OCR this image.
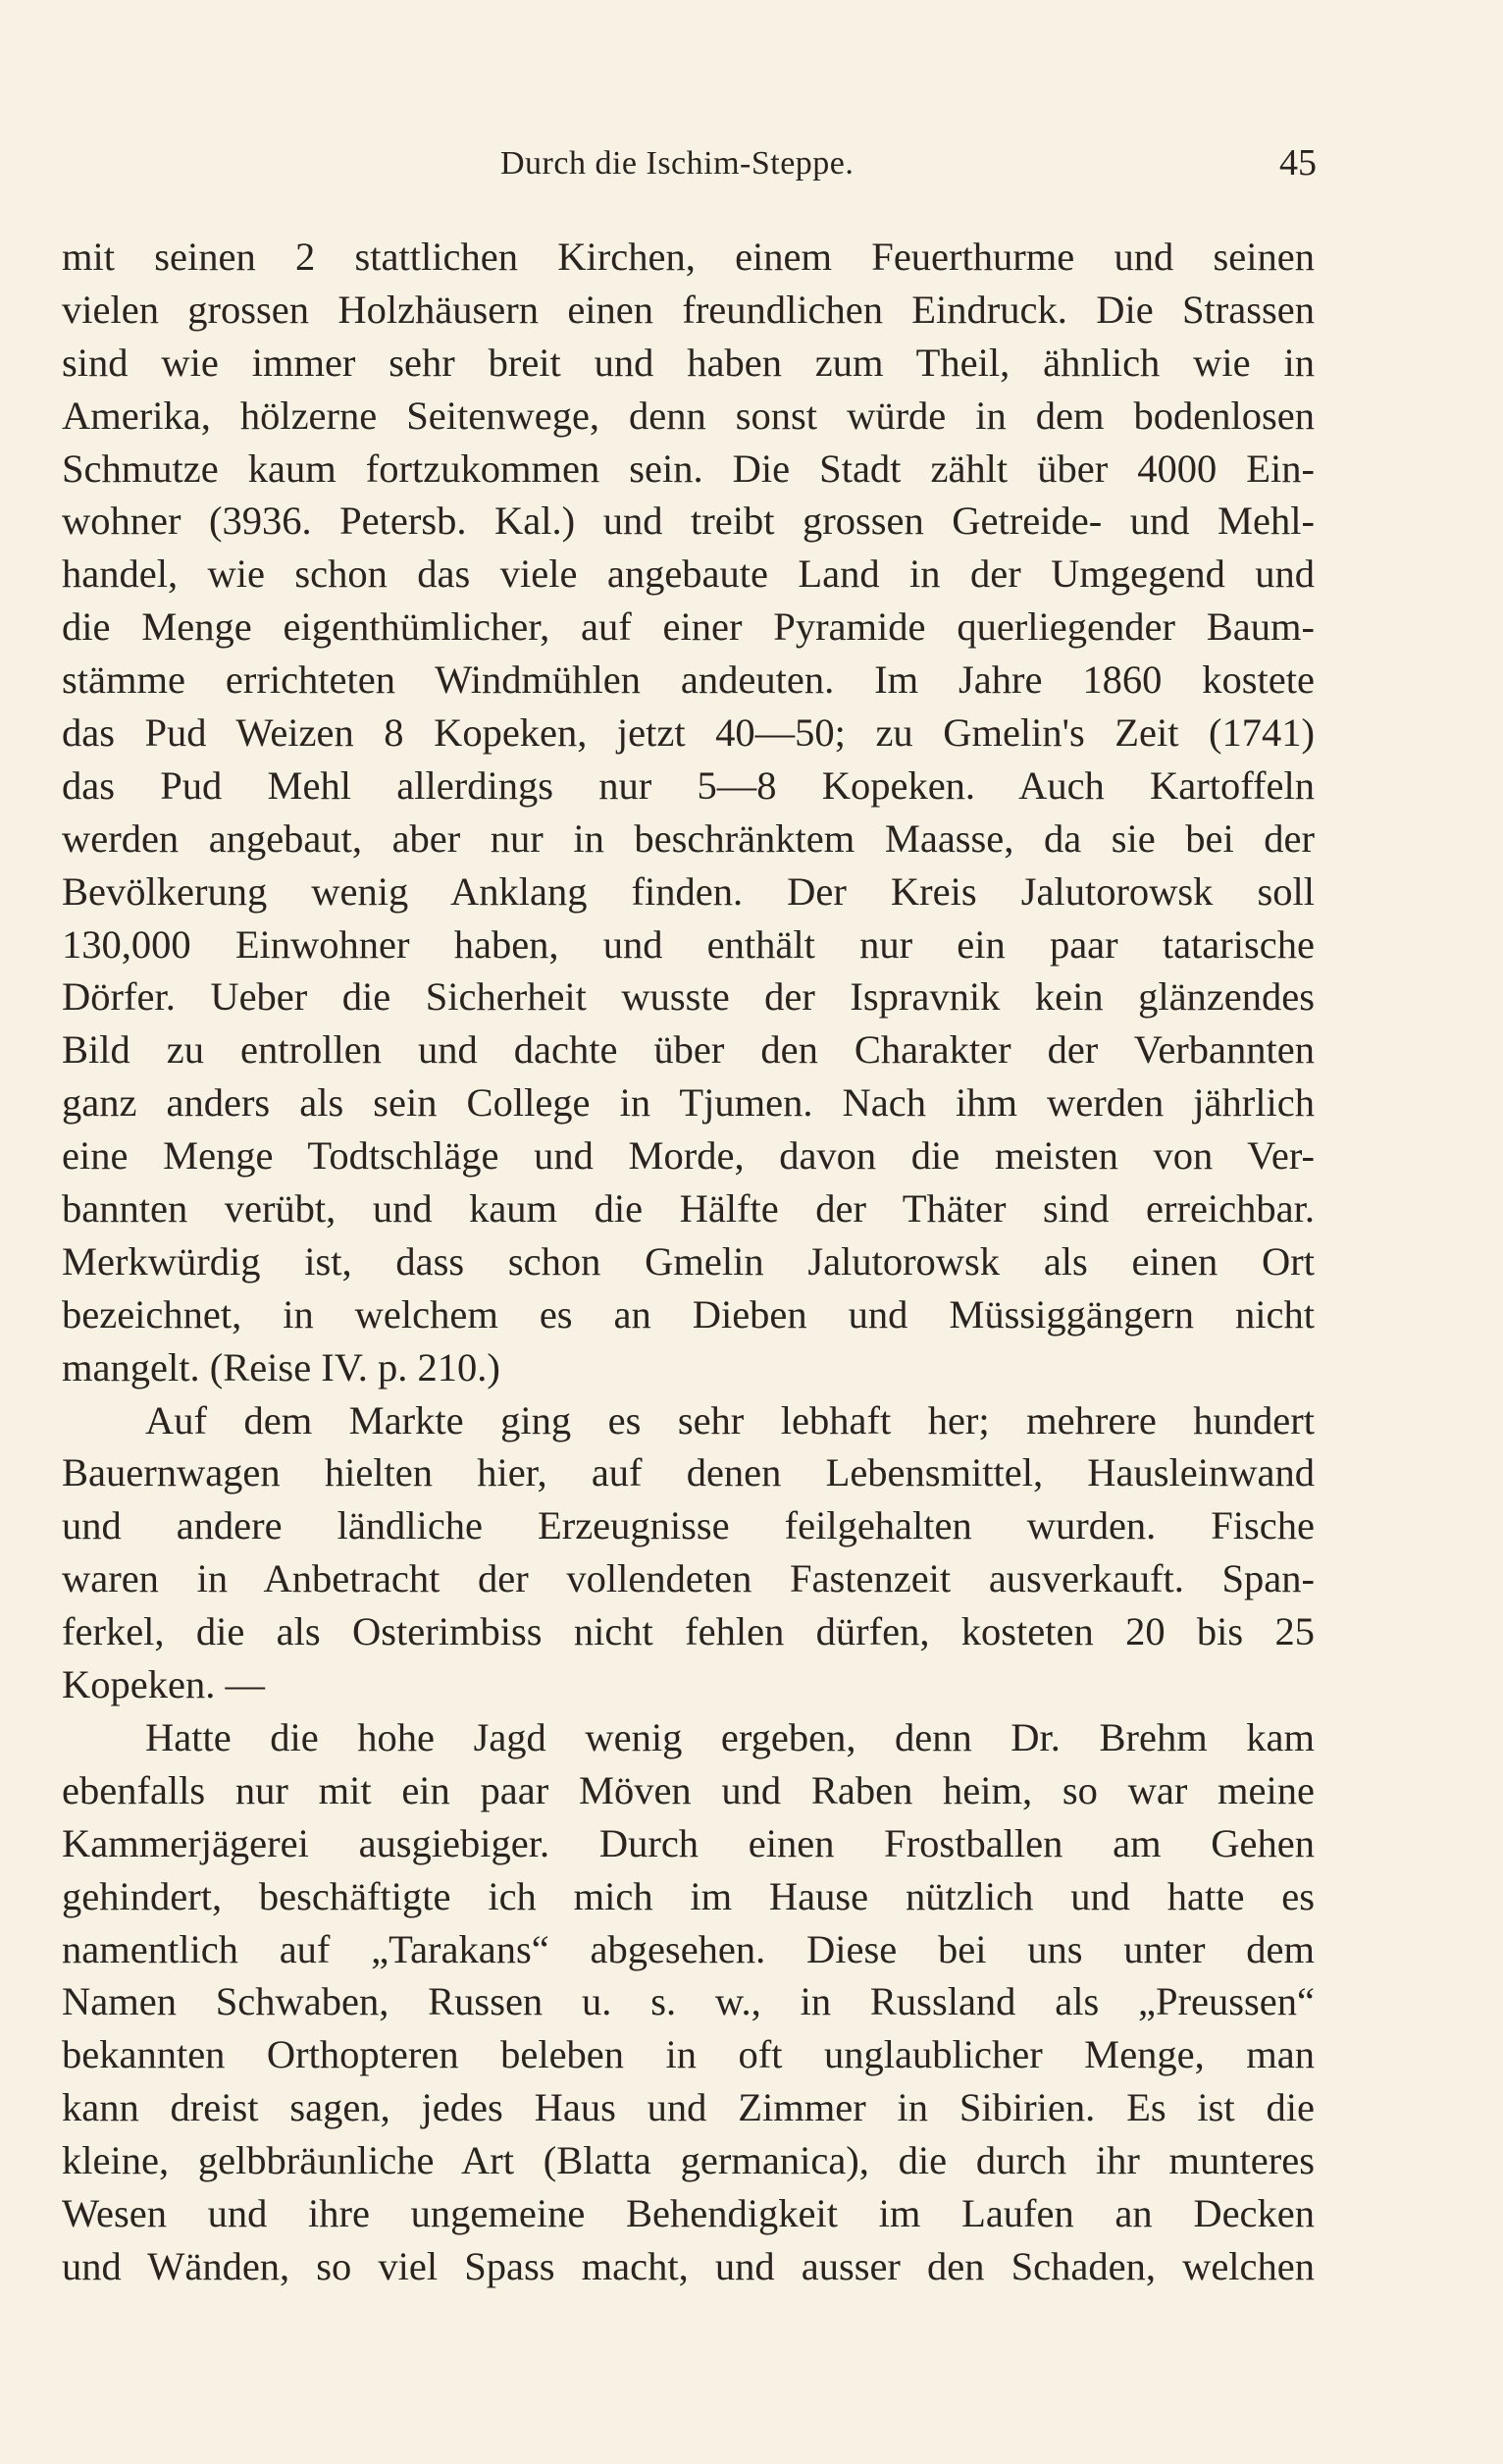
Durch die Ischim-Steppe.	45
mit seinen 2 stattlichen Kirchen, einem Feuerthurme und seinen
vielen grossen Holzhäusern einen freundlichen Eindruck. Die Strassen
sind wie immer sehr breit und haben zum Theil, ähnlich wie in
Amerika, hölzerne Seitenwege, denn sonst würde in dem bodenlosen
Schmutze kaum fortzukommen sein. Die Stadt zählt über 4000 Ein-
wohner (3936. Petersb. Kal.) und treibt grossen Getreide- und Mehl-
handel, wie schon das viele angebaute Land in der Umgegend und
die Menge eigenthümlicher, auf einer Pyramide querliegender Baum-
stämme errichteten Windmühlen andeuten. Im Jahre 1860 kostete
das Pud Weizen 8 Kopeken, jetzt 40—50; zu Gmelin's Zeit (1741)
das Pud Mehl allerdings nur 5—8 Kopeken. Auch Kartoffeln
werden angebaut, aber nur in beschränktem Maasse, da sie bei der
Bevölkerung wenig Anklang finden. Der Kreis Jalutorowsk soll
130,000 Einwohner haben, und enthält nur ein paar tatarische
Dörfer. Ueber die Sicherheit wusste der Ispravnik kein glänzendes
Bild zu entrollen und dachte über den Charakter der Verbannten
ganz anders als sein College in Tjumen. Nach ihm werden jährlich
eine Menge Todtschläge und Morde, davon die meisten von Ver-
bannten verübt, und kaum die Hälfte der Thäter sind erreichbar.
Merkwürdig ist, dass schon Gmelin Jalutorowsk als einen Ort
bezeichnet, in welchem es an Dieben und Müssiggängern nicht
mangelt. (Reise IV. p. 210.)
Auf dem Markte ging es sehr lebhaft her; mehrere hundert
Bauernwagen hielten hier, auf denen Lebensmittel, Hausleinwand
und andere ländliche Erzeugnisse feilgehalten wurden. Fische
waren in Anbetracht der vollendeten Fastenzeit ausverkauft. Span-
ferkel, die als Osterimbiss nicht fehlen dürfen, kosteten 20 bis 25
Kopeken. —
Hatte die hohe Jagd wenig ergeben, denn Dr. Brehm kam
ebenfalls nur mit ein paar Möven und Raben heim, so war meine
Kammerjägerei ausgiebiger. Durch einen Frostballen am Gehen
gehindert, beschäftigte ich mich im Hause nützlich und hatte es
namentlich auf „Tarakans“ abgesehen. Diese bei uns unter dem
Namen Schwaben, Russen u. s. w., in Russland als „Preussen“
bekannten Orthopteren beleben in oft unglaublicher Menge, man
kann dreist sagen, jedes Haus und Zimmer in Sibirien. Es ist die
kleine, gelbbräunliche Art (Blatta germanica), die durch ihr munteres
Wesen und ihre ungemeine Behendigkeit im Laufen an Decken
und Wänden, so viel Spass macht, und ausser den Schaden, welchen
